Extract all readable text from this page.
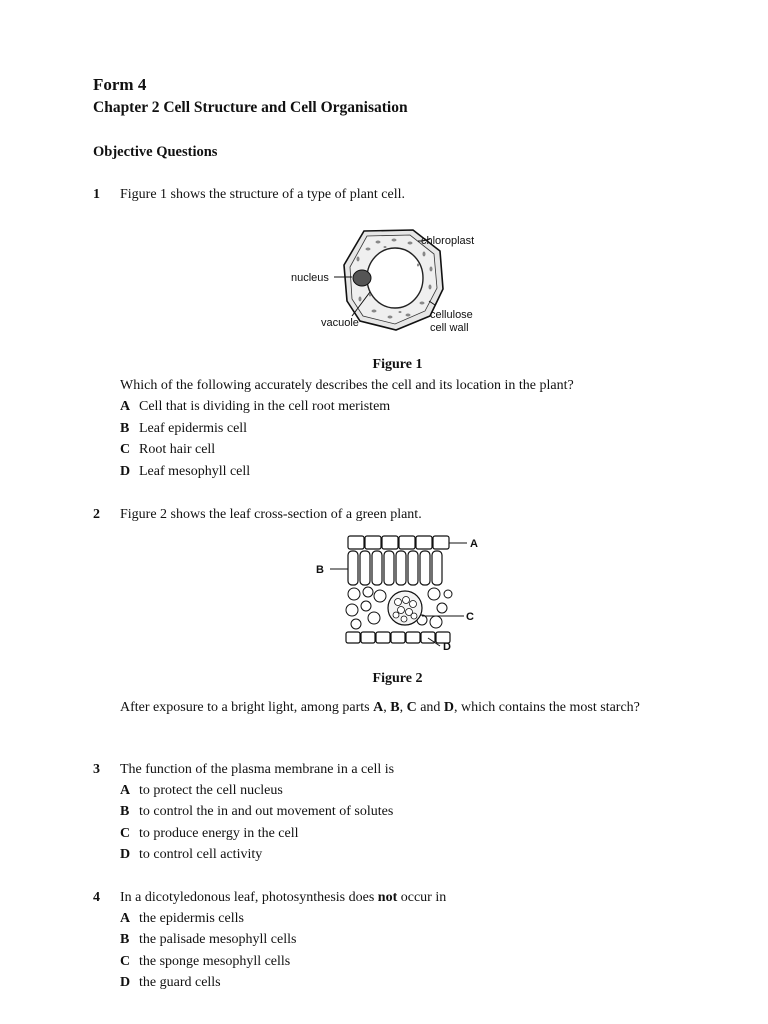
Form 4
Chapter 2 Cell Structure and Cell Organisation
Objective Questions
1 Figure 1 shows the structure of a type of plant cell.
chloroplast
nucleus
cellulose
cell wall
vacuole
Figure 1
Which of the following accurately describes the cell and its location in the plant?
A Cell that is dividing in the cell root meristem
B Leaf epidermis cell
C Root hair cell
D Leaf mesophyll cell
2 Figure 2 shows the leaf cross-section of a green plant.
A
B
C
D
Figure 2
After exposure to a bright light, among parts A, B, C and D, which contains the most starch?
3 The function of the plasma membrane in a cell is
A to protect the cell nucleus
B to control the in and out movement of solutes
C to produce energy in the cell
D to control cell activity
4 In a dicotyledonous leaf, photosynthesis does not occur in
A the epidermis cells
B the palisade mesophyll cells
C the sponge mesophyll cells
D the guard cells
